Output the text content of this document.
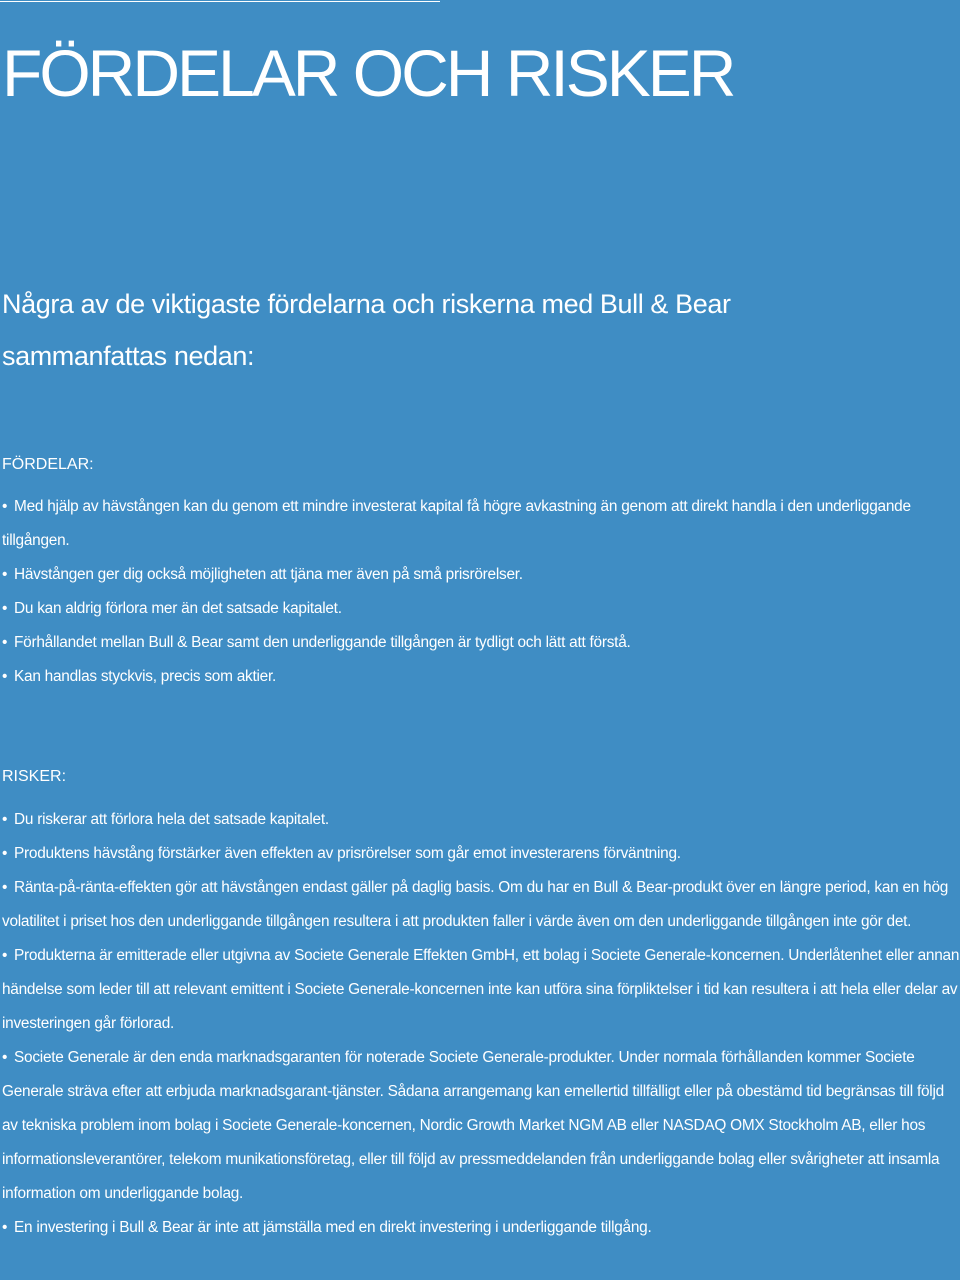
FÖRDELAR OCH RISKER

Några av de viktigaste fördelarna och riskerna med Bull & Bear sammanfattas nedan:

FÖRDELAR:
• Med hjälp av hävstången kan du genom ett mindre investerat kapital få högre avkastning än genom att direkt handla i den underliggande tillgången.
• Hävstången ger dig också möjligheten att tjäna mer även på små prisrörelser.
• Du kan aldrig förlora mer än det satsade kapitalet.
• Förhållandet mellan Bull & Bear samt den underliggande tillgången är tydligt och lätt att förstå.
• Kan handlas styckvis, precis som aktier.
RISKER:
• Du riskerar att förlora hela det satsade kapitalet.
• Produktens hävstång förstärker även effekten av prisrörelser som går emot investerarens förväntning.
• Ränta-på-ränta-effekten gör att hävstången endast gäller på daglig basis. Om du har en Bull & Bear-produkt över en längre period, kan en hög volatilitet i priset hos den underliggande tillgången resultera i att produkten faller i värde även om den underliggande tillgången inte gör det.
• Produkterna är emitterade eller utgivna av Societe Generale Effekten GmbH, ett bolag i Societe Generale-koncernen. Underlåtenhet eller annan händelse som leder till att relevant emittent i Societe Generale-koncernen inte kan utföra sina förpliktelser i tid kan resultera i att hela eller delar av investeringen går förlorad.
• Societe Generale är den enda marknadsgaranten för noterade Societe Generale-produkter. Under normala förhållanden kommer Societe Generale sträva efter att erbjuda marknadsgarant-tjänster. Sådana arrangemang kan emellertid tillfälligt eller på obestämd tid begränsas till följd av tekniska problem inom bolag i Societe Generale-koncernen, Nordic Growth Market NGM AB eller NASDAQ OMX Stockholm AB, eller hos informationsleverantörer, telekom munikationsföretag, eller till följd av pressmeddelanden från underliggande bolag eller svårigheter att insamla information om underliggande bolag.
• En investering i Bull & Bear är inte att jämställa med en direkt investering i underliggande tillgång.
